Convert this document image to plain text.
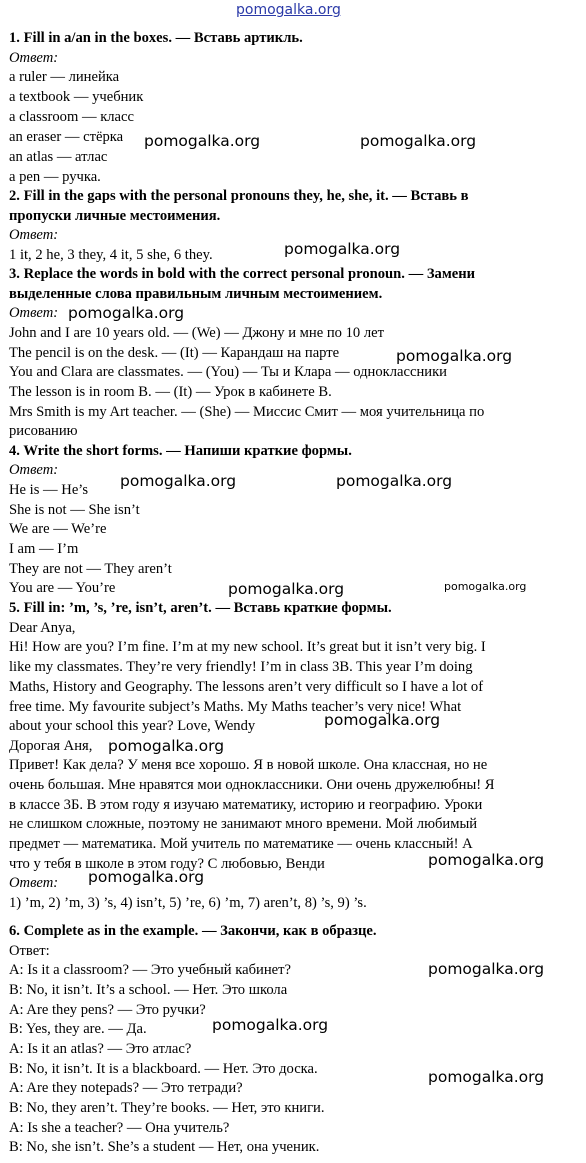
pomogalka.org
1. Fill in a/an in the boxes. — Вставь артикль.
Ответ:
a ruler — линейка
a textbook — учебник
a classroom — класс
an eraser — стёрка
an atlas — атлас
a pen — ручка.
2. Fill in the gaps with the personal pronouns they, he, she, it. — Вставь в
пропуски личные местоимения.
Ответ:
1 it, 2 he, 3 they, 4 it, 5 she, 6 they.
3. Replace the words in bold with the correct personal pronoun. — Замени
выделенные слова правильным личным местоимением.
Ответ:
John and I are 10 years old. — (We) — Джону и мне по 10 лет
The pencil is on the desk. — (It) — Карандаш на парте
You and Clara are classmates. — (You) — Ты и Клара — одноклассники
The lesson is in room B. — (It) — Урок в кабинете В.
Mrs Smith is my Art teacher. — (She) — Миссис Смит — моя учительница по
рисованию
4. Write the short forms. — Напиши краткие формы.
Ответ:
He is — He’s
She is not — She isn’t
We are — We’re
I am — I’m
They are not — They aren’t
You are — You’re
5. Fill in: ’m, ’s, ’re, isn’t, aren’t. — Вставь краткие формы.
Dear Anya,
Hi! How are you? I’m fine. I’m at my new school. It’s great but it isn’t very big. I
like my classmates. They’re very friendly! I’m in class 3B. This year I’m doing
Maths, History and Geography. The lessons aren’t very difficult so I have a lot of
free time. My favourite subject’s Maths. My Maths teacher’s very nice! What
about your school this year? Love, Wendy
Дорогая Аня,
Привет! Как дела? У меня все хорошо. Я в новой школе. Она классная, но не
очень большая. Мне нравятся мои одноклассники. Они очень дружелюбны! Я
в классе 3Б. В этом году я изучаю математику, историю и географию. Уроки
не слишком сложные, поэтому не занимают много времени. Мой любимый
предмет — математика. Мой учитель по математике — очень классный! А
что у тебя в школе в этом году? С любовью, Венди
Ответ:
1) ’m, 2) ’m, 3) ’s, 4) isn’t, 5) ’re, 6) ’m, 7) aren’t, 8) ’s, 9) ’s.
6. Complete as in the example. — Закончи, как в образце.
Ответ:
A: Is it a classroom? — Это учебный кабинет?
B: No, it isn’t. It’s a school. — Нет. Это школа
A: Are they pens? — Это ручки?
B: Yes, they are. — Да.
A: Is it an atlas? — Это атлас?
B: No, it isn’t. It is a blackboard. — Нет. Это доска.
A: Are they notepads? — Это тетради?
B: No, they aren’t. They’re books. — Нет, это книги.
A: Is she a teacher? — Она учитель?
B: No, she isn’t. She’s a student — Нет, она ученик.
pomogalka.org	pomogalka.org
pomogalka.org
pomogalka.org
pomogalka.org
pomogalka.org	pomogalka.org
pomogalka.org	pomogalka.org
pomogalka.org
pomogalka.org
pomogalka.org
pomogalka.org
pomogalka.org
pomogalka.org
pomogalka.org
